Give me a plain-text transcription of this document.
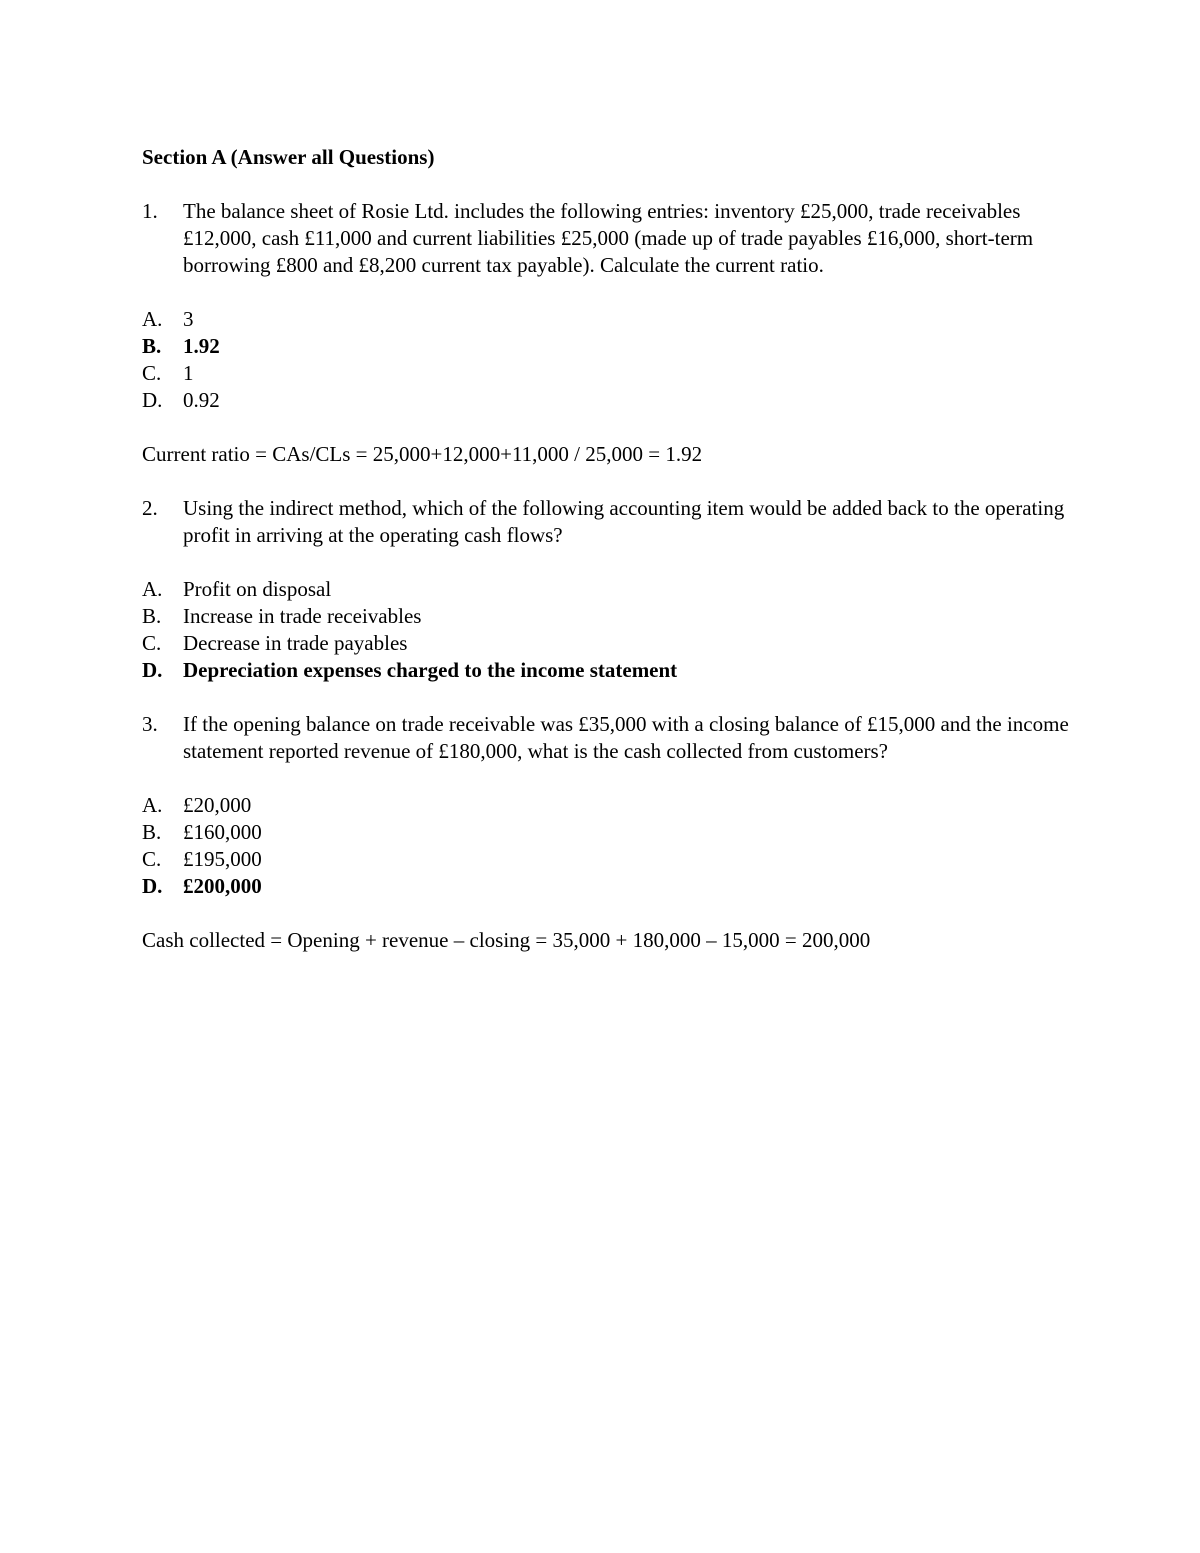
Section A (Answer all Questions)
1.	The balance sheet of Rosie Ltd. includes the following entries: inventory £25,000, trade receivables £12,000, cash £11,000 and current liabilities £25,000 (made up of trade payables £16,000, short-term borrowing £800 and £8,200 current tax payable). Calculate the current ratio.
A. 3
B.	1.92
C.	1
D. 0.92
Current ratio = CAs/CLs = 25,000+12,000+11,000 / 25,000 = 1.92
2.	Using the indirect method, which of the following accounting item would be added back to the operating profit in arriving at the operating cash flows?
A. Profit on disposal
B.	Increase in trade receivables
C.	Decrease in trade payables
D. Depreciation expenses charged to the income statement
3.	If the opening balance on trade receivable was £35,000 with a closing balance of £15,000 and the income statement reported revenue of £180,000, what is the cash collected from customers?
A. £20,000
B.	£160,000
C.	£195,000
D. £200,000
Cash collected = Opening + revenue – closing = 35,000 + 180,000 – 15,000 = 200,000
